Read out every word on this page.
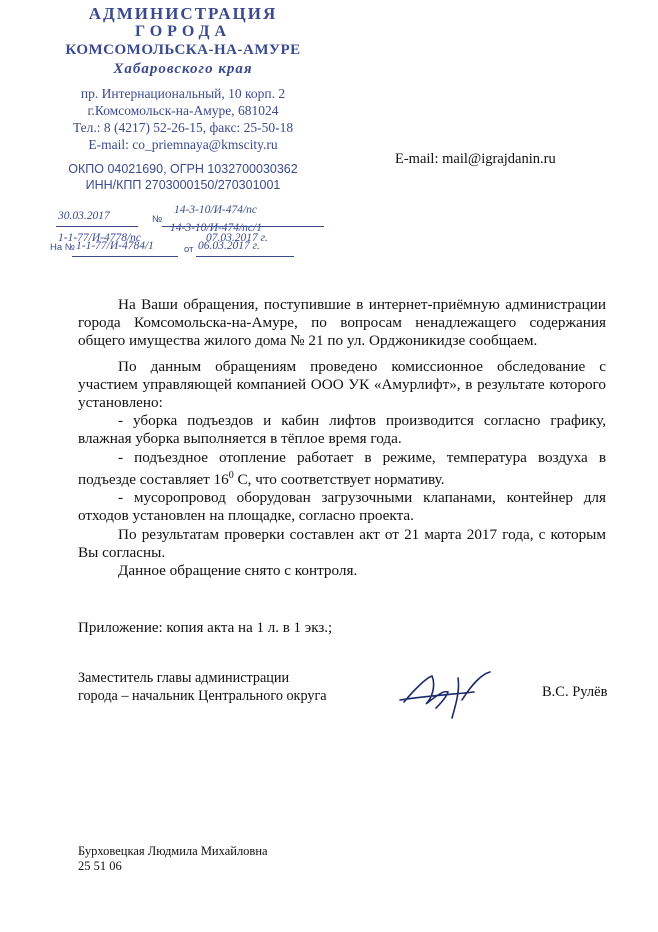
АДМИНИСТРАЦИЯ
ГОРОДА
КОМСОМОЛЬСКА-НА-АМУРЕ
Хабаровского края
пр. Интернациональный, 10 корп. 2
г.Комсомольск-на-Амуре, 681024
Тел.: 8 (4217) 52-26-15, факс: 25-50-18
E-mail: co_priemnaya@kmscity.ru
ОКПО 04021690, ОГРН 1032700030362
ИНН/КПП 2703000150/270301001
30.03.2017	№
14-3-10/И-474/пс
14-3-10/И-474/пс/1
1-1-77/И-4778/пс	07.03.2017 г.
На № 1-1-77/И-4784/1	от 06.03.2017 г.
E-mail: mail@igrajdanin.ru

На Ваши обращения, поступившие в интернет-приёмную администрации города Комсомольска-на-Амуре, по вопросам ненадлежащего содержания общего имущества жилого дома № 21 по ул. Орджоникидзе сообщаем.

По данным обращениям проведено комиссионное обследование с участием управляющей компанией ООО УК «Амурлифт», в результате которого установлено:

- уборка подъездов и кабин лифтов производится согласно графику, влажная уборка выполняется в тёплое время года.

- подъездное отопление работает в режиме, температура воздуха в подъезде составляет $16^0$ С, что соответствует нормативу.

- мусоропровод оборудован загрузочными клапанами, контейнер для отходов установлен на площадке, согласно проекта.

По результатам проверки составлен акт от 21 марта 2017 года, с которым Вы согласны.

Данное обращение снято с контроля.

Приложение: копия акта на 1 л. в 1 экз.;
Заместитель главы администрации
города – начальник Центрального округа	В.С. Рулёв
Бурховецкая Людмила Михайловна
25 51 06
